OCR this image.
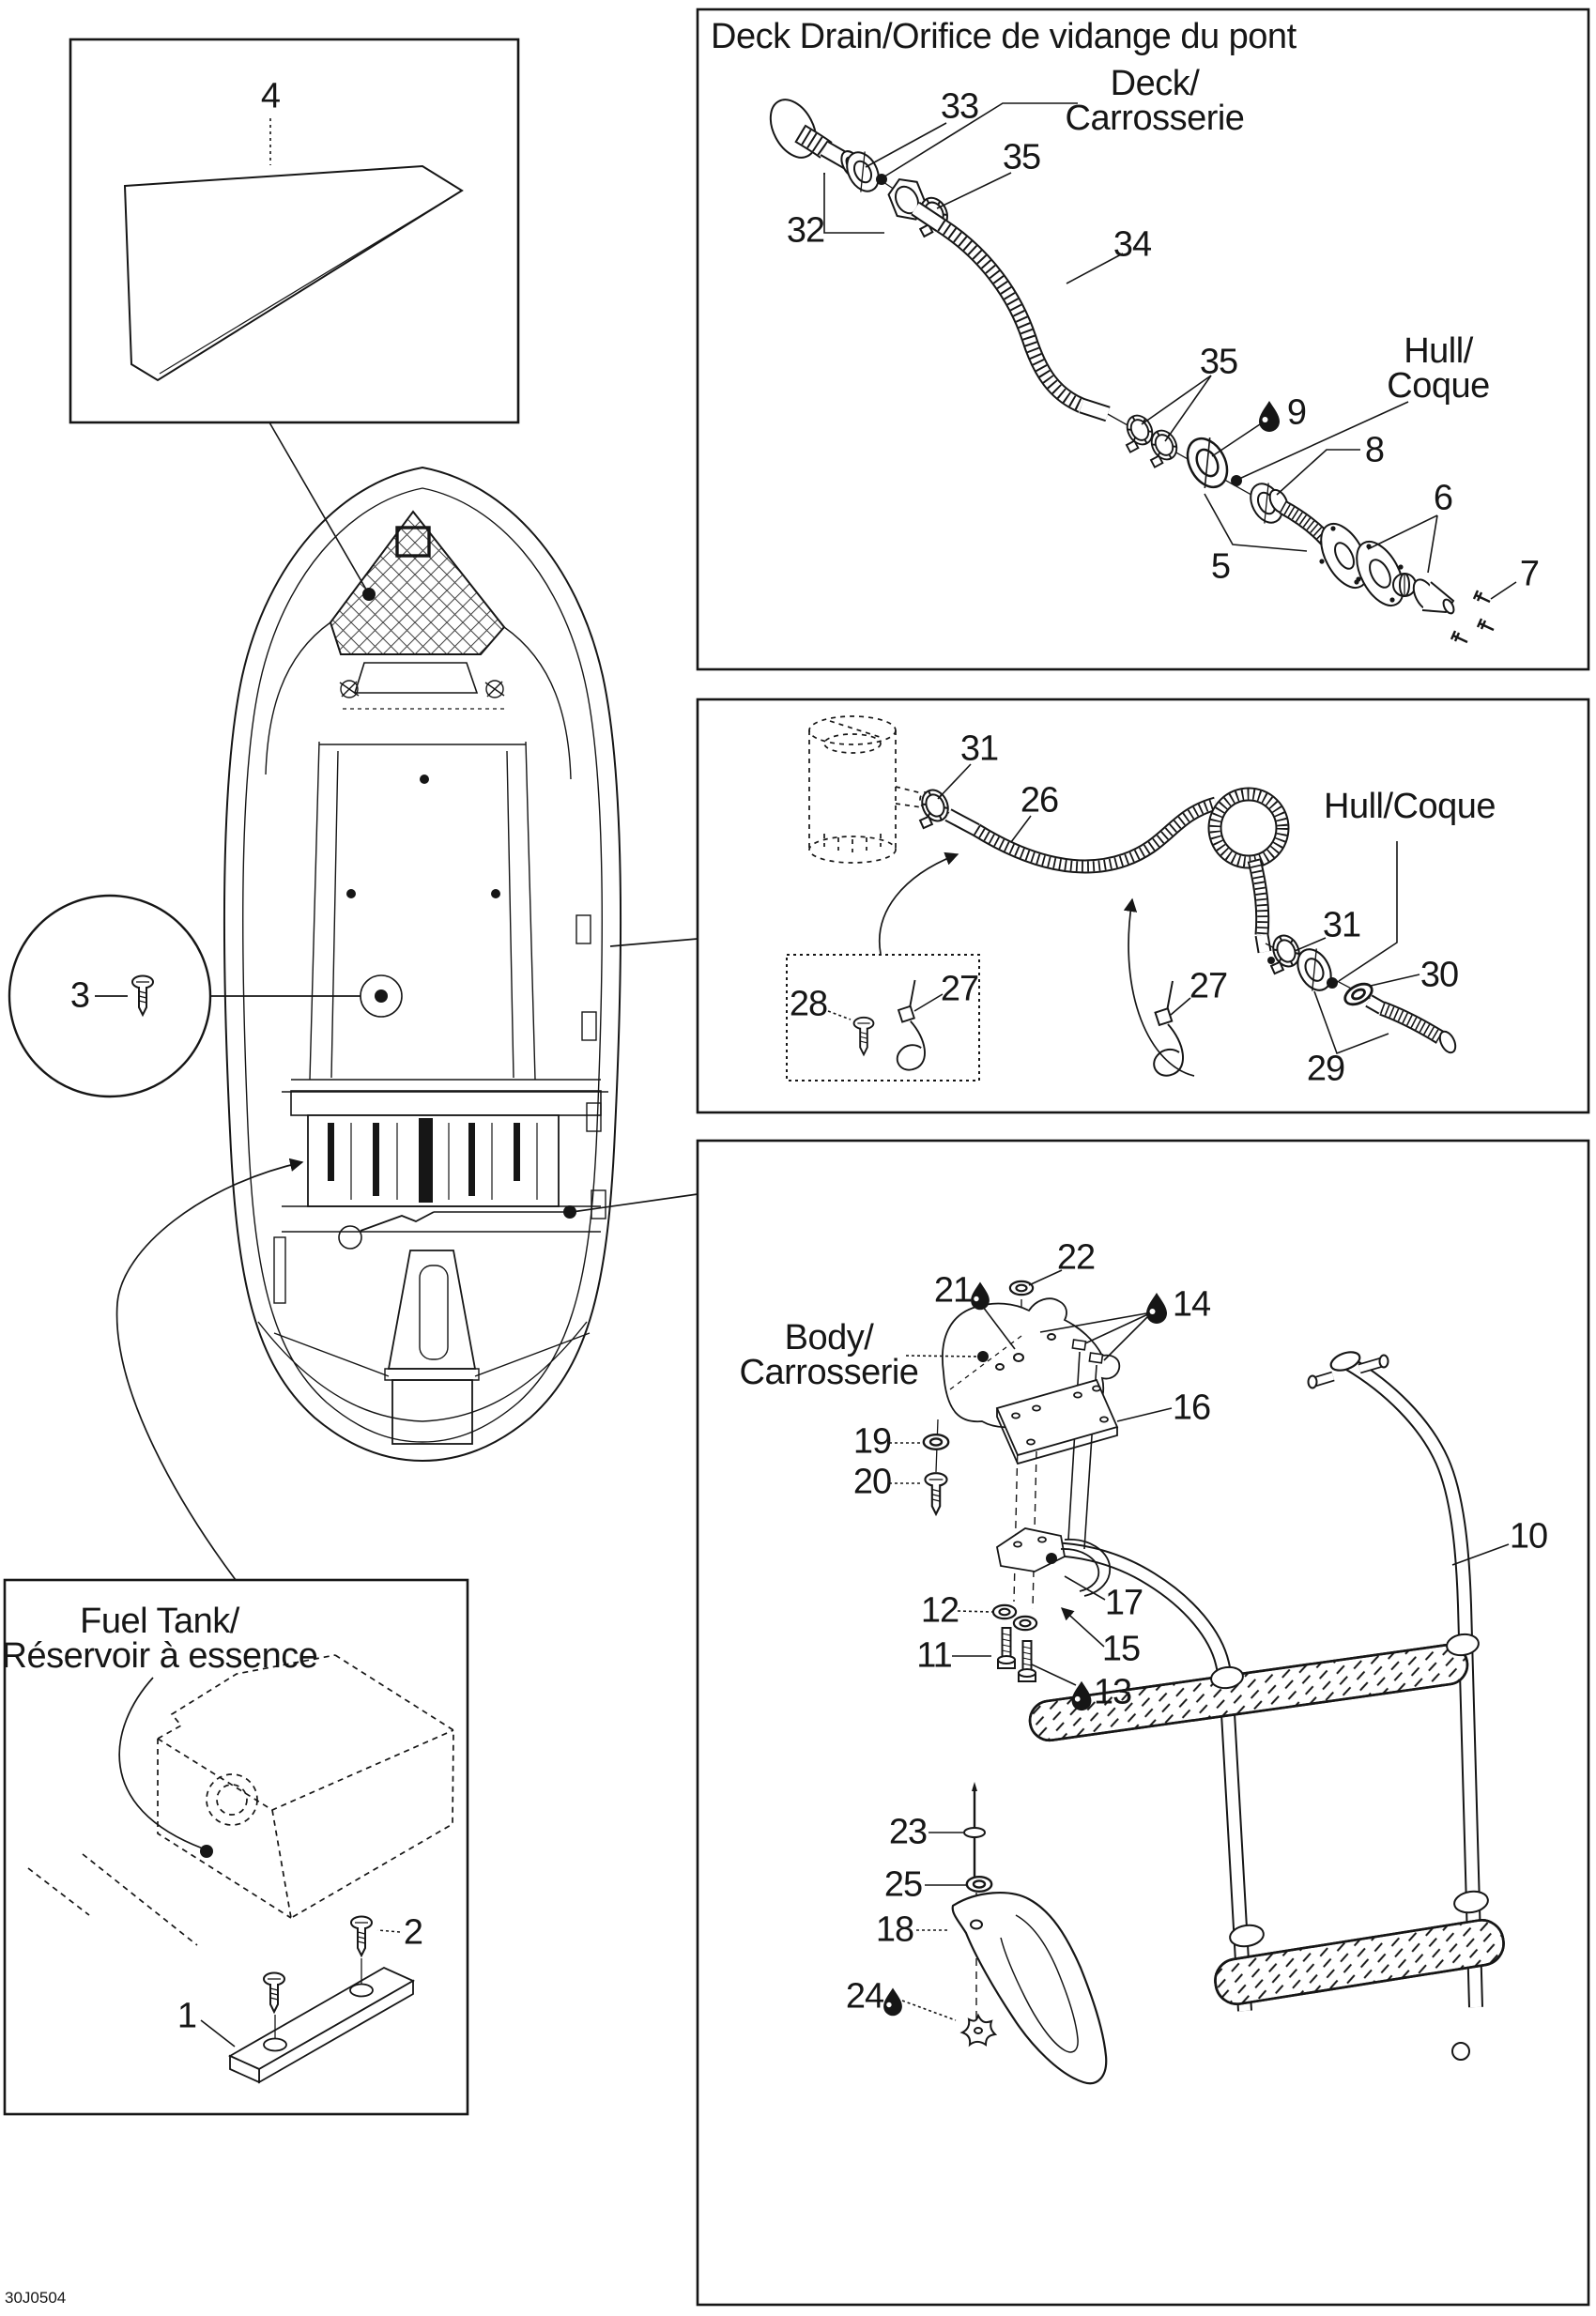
Deck Drain/Orifice de vidange du pont
Deck/
Carrosserie
Hull/
Coque
Hull/Coque
Body/
Carrosserie
Fuel Tank/
Réservoir à essence
1
2
3
4
5
6
7
8
9
10
11
12
13
14
15
16
17
18
19
20
21
22
23
24
25
26
27	27
28
29
30
31
31
32
33
34
35
35
30J0504
